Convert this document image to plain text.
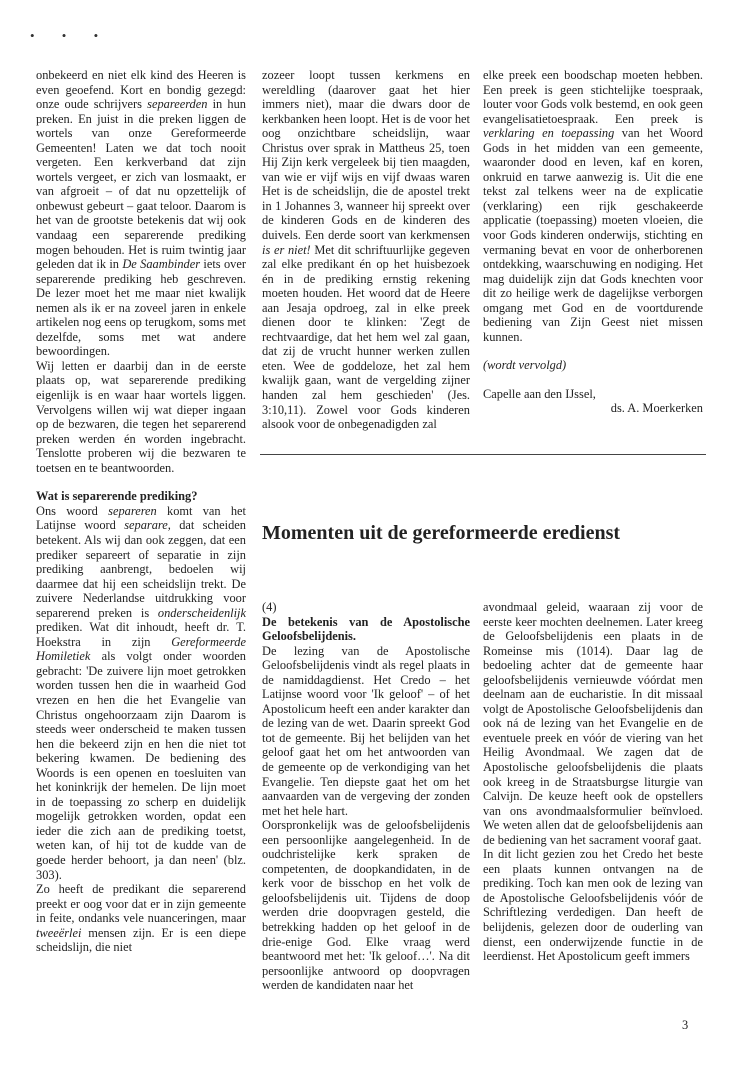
• • •

onbekeerd en niet elk kind des Heeren is even geoefend. Kort en bondig gezegd: onze oude schrijvers separeerden in hun preken. En juist in die preken liggen de wortels van onze Gereformeerde Gemeenten! Laten we dat toch nooit vergeten. Een kerkverband dat zijn wortels vergeet, er zich van losmaakt, er van afgroeit – of dat nu opzettelijk of onbewust gebeurt – gaat teloor. Daarom is het van de grootste betekenis dat wij ook vandaag een separerende prediking mogen behouden. Het is ruim twintig jaar geleden dat ik in De Saambinder iets over separerende prediking heb geschreven. De lezer moet het me maar niet kwalijk nemen als ik er na zoveel jaren in enkele artikelen nog eens op terugkom, soms met dezelfde, soms met wat andere bewoordingen.

Wij letten er daarbij dan in de eerste plaats op, wat separerende prediking eigenlijk is en waar haar wortels liggen. Vervolgens willen wij wat dieper ingaan op de bezwaren, die tegen het separerend preken werden én worden ingebracht. Tenslotte proberen wij die bezwaren te toetsen en te beantwoorden.

Wat is separerende prediking?

Ons woord separeren komt van het Latijnse woord separare, dat scheiden betekent. Als wij dan ook zeggen, dat een prediker separeert of separatie in zijn prediking aanbrengt, bedoelen wij daarmee dat hij een scheidslijn trekt. De zuivere Nederlandse uitdrukking voor separerend preken is onderscheidenlijk prediken. Wat dit inhoudt, heeft dr. T. Hoekstra in zijn Gereformeerde Homiletiek als volgt onder woorden gebracht: 'De zuivere lijn moet getrokken worden tussen hen die in waarheid God vrezen en hen die het Evangelie van Christus ongehoorzaam zijn Daarom is steeds weer onderscheid te maken tussen hen die bekeerd zijn en hen die niet tot bekering kwamen. De bediening des Woords is een openen en toesluiten van het koninkrijk der hemelen. De lijn moet in de toepassing zo scherp en duidelijk mogelijk getrokken worden, opdat een ieder die zich aan de prediking toetst, weten kan, of hij tot de kudde van de goede herder behoort, ja dan neen' (blz. 303).

Zo heeft de predikant die separerend preekt er oog voor dat er in zijn gemeente in feite, ondanks vele nuanceringen, maar tweeërlei mensen zijn. Er is een diepe scheidslijn, die niet

zozeer loopt tussen kerkmens en wereldling (daarover gaat het hier immers niet), maar die dwars door de kerkbanken heen loopt. Het is de voor het oog onzichtbare scheidslijn, waar Christus over sprak in Mattheus 25, toen Hij Zijn kerk vergeleek bij tien maagden, van wie er vijf wijs en vijf dwaas waren Het is de scheidslijn, die de apostel trekt in 1 Johannes 3, wanneer hij spreekt over de kinderen Gods en de kinderen des duivels. Een derde soort van kerkmensen is er niet! Met dit schriftuurlijke gegeven zal elke predikant én op het huisbezoek én in de prediking ernstig rekening moeten houden. Het woord dat de Heere aan Jesaja opdroeg, zal in elke preek dienen door te klinken: 'Zegt de rechtvaardige, dat het hem wel zal gaan, dat zij de vrucht hunner werken zullen eten. Wee de goddeloze, het zal hem kwalijk gaan, want de vergelding zijner handen zal hem geschieden' (Jes. 3:10,11). Zowel voor Gods kinderen alsook voor de onbegenadigden zal

elke preek een boodschap moeten hebben. Een preek is geen stichtelijke toespraak, louter voor Gods volk bestemd, en ook geen evangelisatietoespraak. Een preek is verklaring en toepassing van het Woord Gods in het midden van een gemeente, waaronder dood en leven, kaf en koren, onkruid en tarwe aanwezig is. Uit die ene tekst zal telkens weer na de explicatie (verklaring) een rijk geschakeerde applicatie (toepassing) moeten vloeien, die voor Gods kinderen onderwijs, stichting en vermaning bevat en voor de onherborenen ontdekking, waarschuwing en nodiging. Het mag duidelijk zijn dat Gods knechten voor dit zo heilige werk de dagelijkse verborgen omgang met God en de voortdurende bediening van Zijn Geest niet missen kunnen.

(wordt vervolgd)

Capelle aan den IJssel,
ds. A. Moerkerken
Momenten uit de gereformeerde eredienst

(4)

De betekenis van de Apostolische Geloofsbelijdenis.

De lezing van de Apostolische Geloofsbelijdenis vindt als regel plaats in de namiddagdienst. Het Credo – het Latijnse woord voor 'Ik geloof' – of het Apostolicum heeft een ander karakter dan de lezing van de wet. Daarin spreekt God tot de gemeente. Bij het belijden van het geloof gaat het om het antwoorden van de gemeente op de verkondiging van het Evangelie. Ten diepste gaat het om het aanvaarden van de vergeving der zonden met het hele hart.

Oorspronkelijk was de geloofsbelijdenis een persoonlijke aangelegenheid. In de oudchristelijke kerk spraken de competenten, de doopkandidaten, in de kerk voor de bisschop en het volk de geloofsbelijdenis uit. Tijdens de doop werden drie doopvragen gesteld, die betrekking hadden op het geloof in de drie-enige God. Elke vraag werd beantwoord met het: 'Ik geloof…'. Na dit persoonlijke antwoord op doopvragen werden de kandidaten naar het

avondmaal geleid, waaraan zij voor de eerste keer mochten deelnemen. Later kreeg de Geloofsbelijdenis een plaats in de Romeinse mis (1014). Daar lag de bedoeling achter dat de gemeente haar geloofsbelijdenis vernieuwde vóórdat men deelnam aan de eucharistie. In dit missaal volgt de Apostolische Geloofsbelijdenis dan ook ná de lezing van het Evangelie en de eventuele preek en vóór de viering van het Heilig Avondmaal. We zagen dat de Apostolische geloofsbelijdenis die plaats ook kreeg in de Straatsburgse liturgie van Calvijn. De keuze heeft ook de opstellers van ons avondmaalsformulier beïnvloed. We weten allen dat de geloofsbelijdenis aan de bediening van het sacrament vooraf gaat.

In dit licht gezien zou het Credo het beste een plaats kunnen ontvangen na de prediking. Toch kan men ook de lezing van de Apostolische Geloofsbelijdenis vóór de Schriftlezing verdedigen. Dan heeft de belijdenis, gelezen door de ouderling van dienst, een onderwijzende functie in de leerdienst. Het Apostolicum geeft immers

3
